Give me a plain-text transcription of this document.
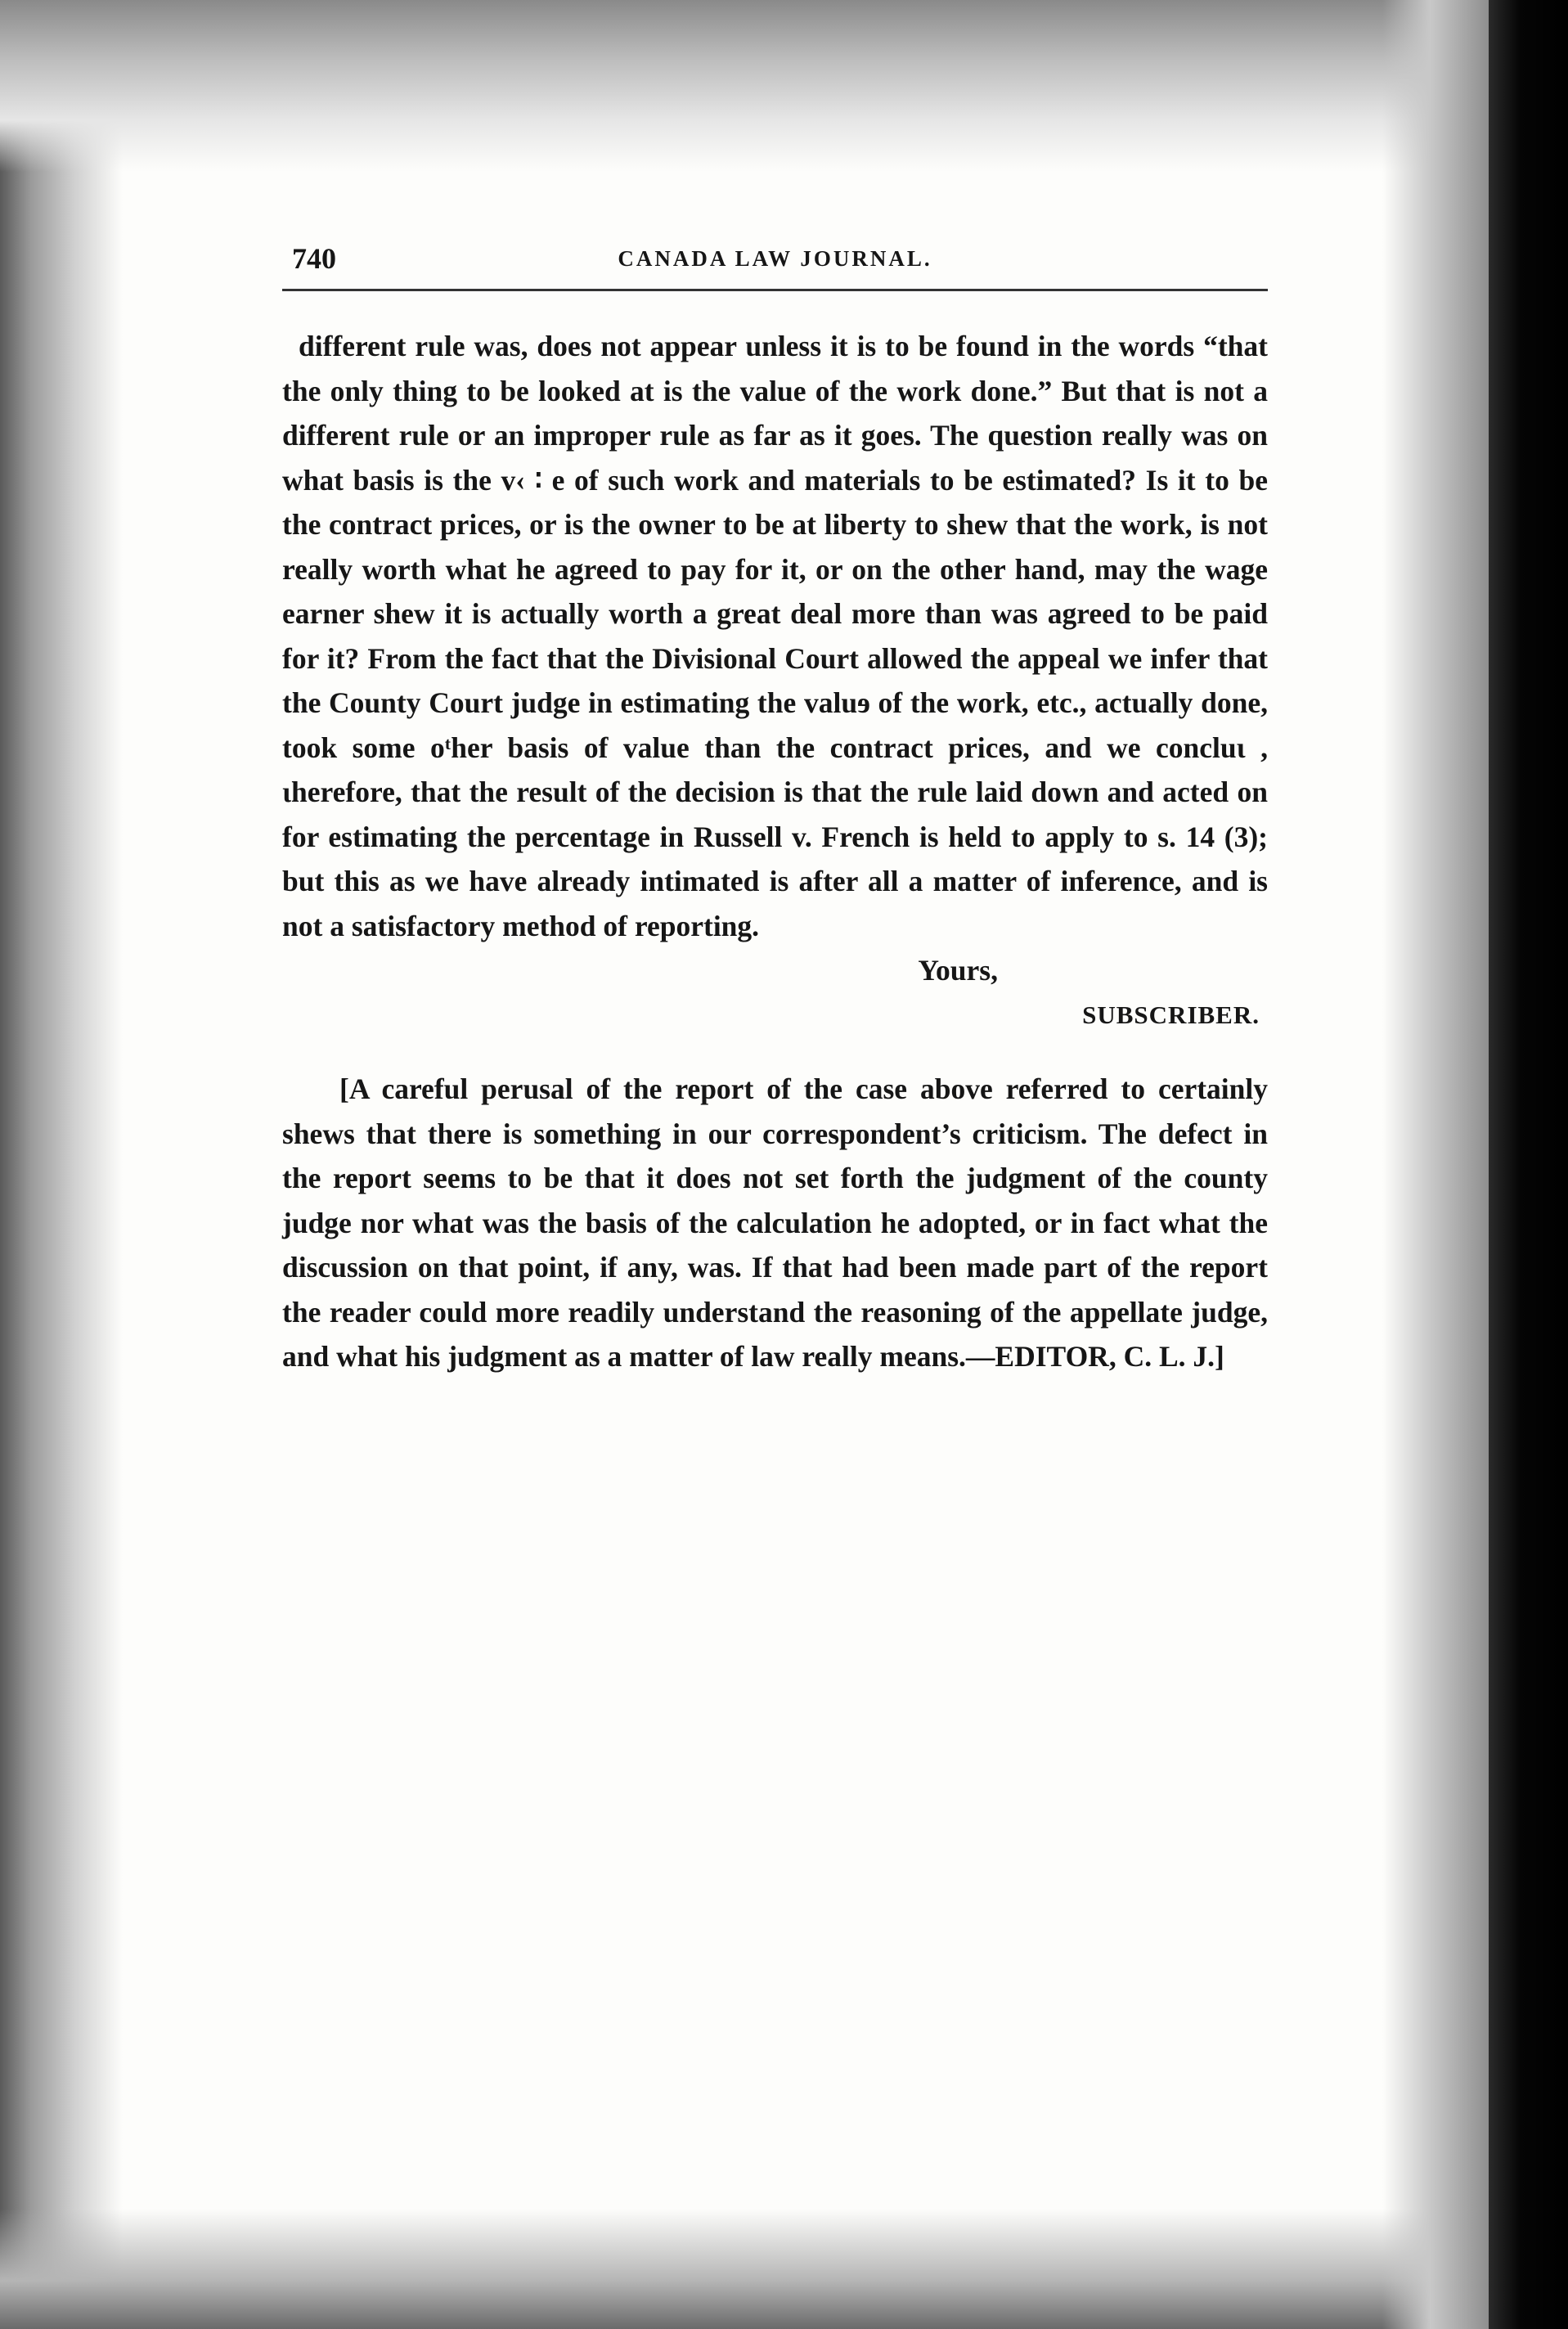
740	CANADA LAW JOURNAL.

different rule was, does not appear unless it is to be found in the words “that the only thing to be looked at is the value of the work done.” But that is not a different rule or an improper rule as far as it goes. The question really was on what basis is the v‹ ∶ e of such work and materials to be estimated? Is it to be the contract prices, or is the owner to be at liberty to shew that the work, is not really worth what he agreed to pay for it, or on the other hand, may the wage earner shew it is actually worth a great deal more than was agreed to be paid for it? From the fact that the Divisional Court allowed the appeal we infer that the County Court judge in estimating the valuɘ of the work, etc., actually done, took some oᵗher basis of value than the contract prices, and we concluɩ , ιherefore, that the result of the decision is that the rule laid down and acted on for estimating the percentage in Russell v. French is held to apply to s. 14 (3); but this as we have already intimated is after all a matter of inference, and is not a satisfactory method of reporting.

Yours,
SUBSCRIBER.
[A careful perusal of the report of the case above referred to certainly shews that there is something in our correspondent’s criticism. The defect in the report seems to be that it does not set forth the judgment of the county judge nor what was the basis of the calculation he adopted, or in fact what the discussion on that point, if any, was. If that had been made part of the report the reader could more readily understand the reasoning of the appellate judge, and what his judgment as a matter of law really means.—EDITOR, C. L. J.]
